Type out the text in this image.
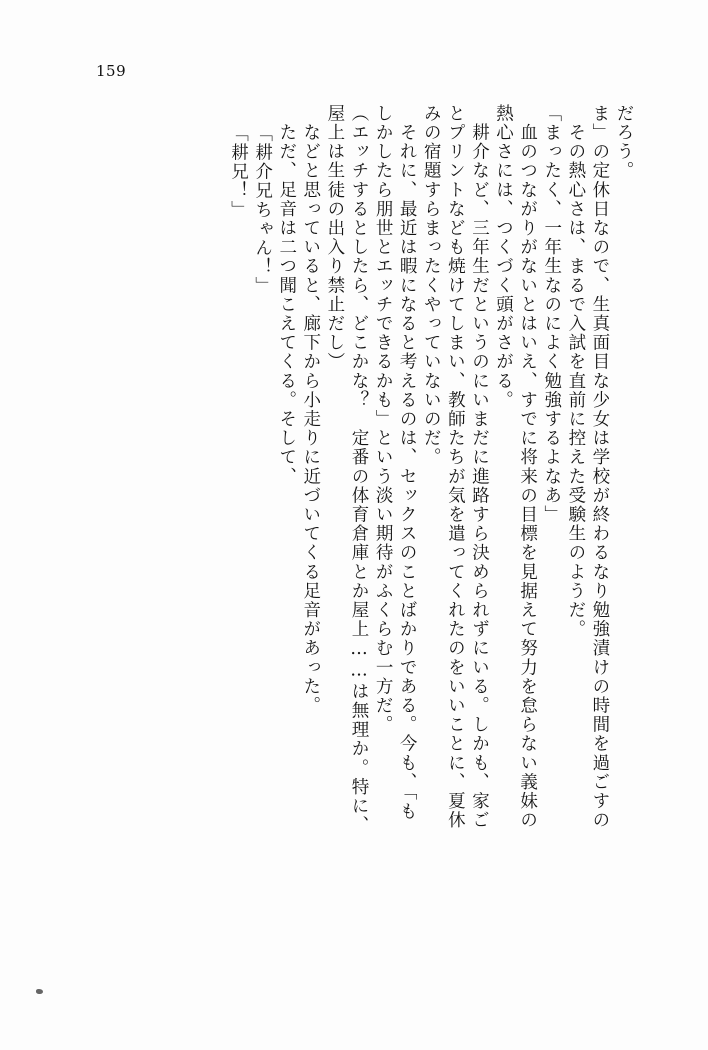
159
だろう。
ま」の定休日なので、生真面目な少女は学校が終わるなり勉強漬けの時間を過ごすの
　その熱心さは、まるで入試を直前に控えた受験生のようだ。
「まったく、一年生なのによく勉強するよなあ」
　血のつながりがないとはいえ、すでに将来の目標を見据えて努力を怠らない義妹の
熱心さには、つくづく頭がさがる。
　耕介など、三年生だというのにいまだに進路すら決められずにいる。しかも、家ご
とプリントなども焼けてしまい、教師たちが気を遣ってくれたのをいいことに、夏休
みの宿題すらまったくやっていないのだ。
　それに、最近は暇になると考えるのは、セックスのことばかりである。今も、「も
しかしたら朋世とエッチできるかも」という淡い期待がふくらむ一方だ。
（エッチするとしたら、どこかな？　定番の体育倉庫とか屋上……は無理か。特に、
屋上は生徒の出入り禁止だし）
　などと思っていると、廊下から小走りに近づいてくる足音があった。
　ただ、足音は二つ聞こえてくる。そして、
「耕介兄ちゃん！」
「耕兄！」
